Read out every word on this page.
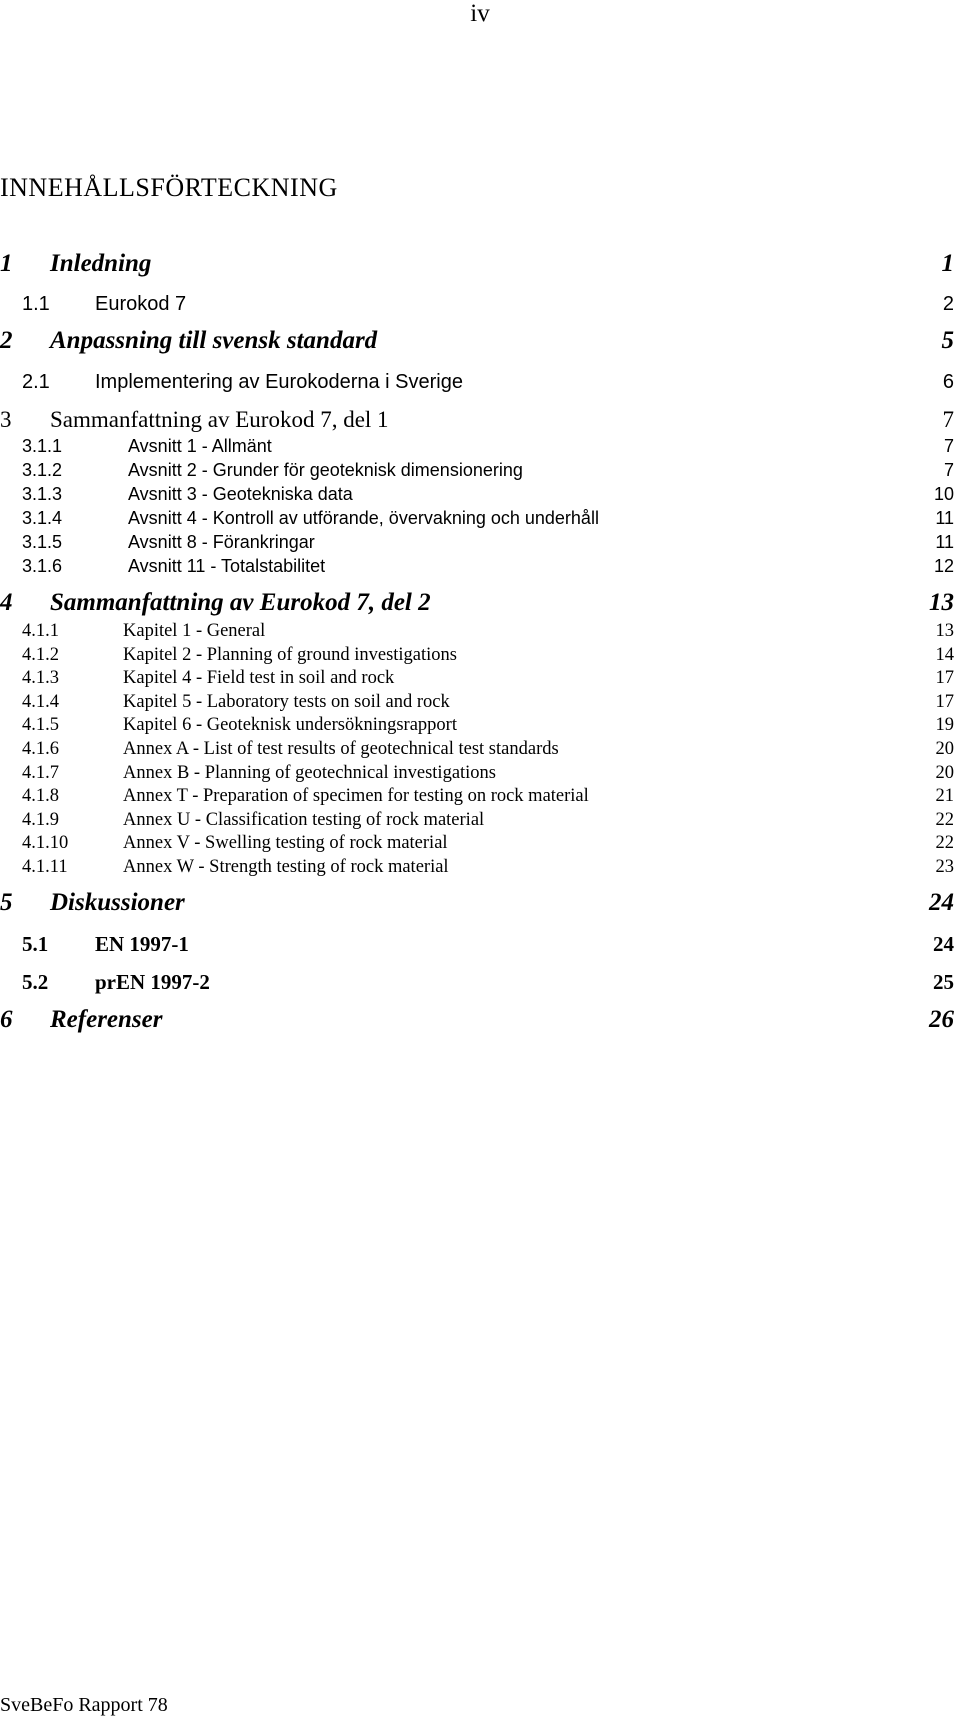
iv
INNEHÅLLSFÖRTECKNING
1 Inledning	1
1.1 Eurokod 7	2
2 Anpassning till svensk standard	5
2.1 Implementering av Eurokoderna i Sverige	6
3 Sammanfattning av Eurokod 7, del 1	7
3.1.1	Avsnitt 1 - Allmänt	7
3.1.2	Avsnitt 2 - Grunder för geoteknisk dimensionering	7
3.1.3	Avsnitt 3 - Geotekniska data	10
3.1.4	Avsnitt 4 - Kontroll av utförande, övervakning och underhåll	11
3.1.5	Avsnitt 8 - Förankringar	11
3.1.6	Avsnitt 11 - Totalstabilitet	12
4 Sammanfattning av Eurokod 7, del 2	13
4.1.1	Kapitel 1 - General	13
4.1.2	Kapitel 2 - Planning of ground investigations	14
4.1.3	Kapitel 4 - Field test in soil and rock	17
4.1.4	Kapitel 5 - Laboratory tests on soil and rock	17
4.1.5	Kapitel 6 - Geoteknisk undersökningsrapport	19
4.1.6	Annex A - List of test results of geotechnical test standards	20
4.1.7	Annex B - Planning of geotechnical investigations	20
4.1.8	Annex T - Preparation of specimen for testing on rock material	21
4.1.9	Annex U - Classification testing of rock material	22
4.1.10	Annex V - Swelling testing of rock material	22
4.1.11	Annex W - Strength testing of rock material	23
5 Diskussioner	24
5.1 EN 1997-1	24
5.2 prEN 1997-2	25
6 Referenser	26
SveBeFo Rapport 78
